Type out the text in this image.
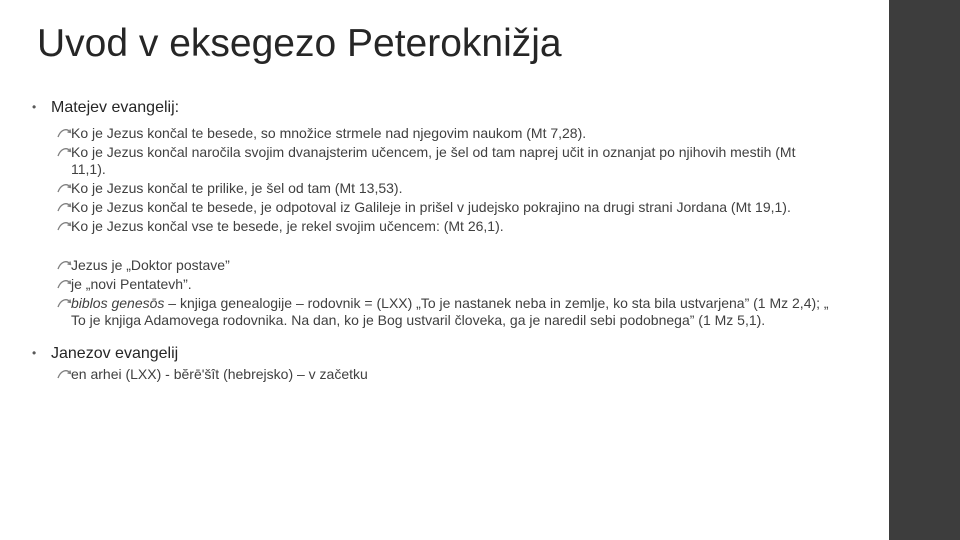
Uvod v eksegezo Peteroknižja
• Matejev evangelij:
Ko je Jezus končal te besede, so množice strmele nad njegovim naukom (Mt 7,28).
Ko je Jezus končal naročila svojim dvanajsterim učencem, je šel od tam naprej učit in oznanjat po njihovih mestih (Mt 11,1).
Ko je Jezus končal te prilike, je šel od tam (Mt 13,53).
Ko je Jezus končal te besede, je odpotoval iz Galileje in prišel v judejsko pokrajino na drugi strani Jordana (Mt 19,1).
Ko je Jezus končal vse te besede, je rekel svojim učencem: (Mt 26,1).
Jezus je „Doktor postave”
je „novi Pentatevh”.
biblos genesōs – knjiga genealogije – rodovnik = (LXX) „To je nastanek neba in zemlje, ko sta bila ustvarjena” (1 Mz 2,4); „ To je knjiga Adamovega rodovnika. Na dan, ko je Bog ustvaril človeka, ga je naredil sebi podobnega” (1 Mz 5,1).
• Janezov evangelij
en arhei (LXX) - bĕrē'šît (hebrejsko) – v začetku
